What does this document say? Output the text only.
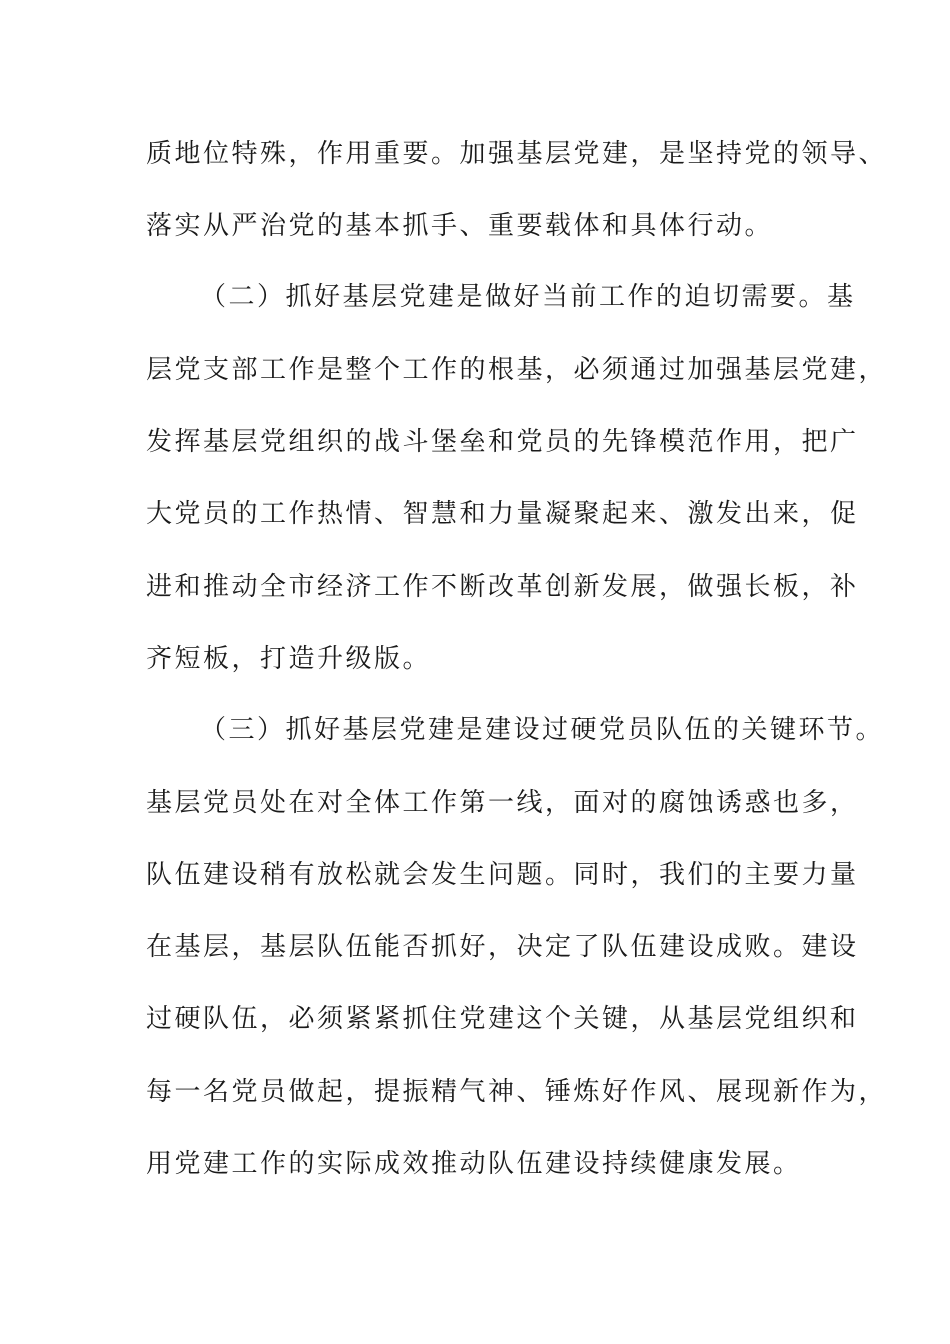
质地位特殊，作用重要。加强基层党建，是坚持党的领导、
落实从严治党的基本抓手、重要载体和具体行动。
（二）抓好基层党建是做好当前工作的迫切需要。基
层党支部工作是整个工作的根基，必须通过加强基层党建，
发挥基层党组织的战斗堡垒和党员的先锋模范作用，把广
大党员的工作热情、智慧和力量凝聚起来、激发出来，促
进和推动全市经济工作不断改革创新发展，做强长板，补
齐短板，打造升级版。
（三）抓好基层党建是建设过硬党员队伍的关键环节。
基层党员处在对全体工作第一线，面对的腐蚀诱惑也多，
队伍建设稍有放松就会发生问题。同时，我们的主要力量
在基层，基层队伍能否抓好，决定了队伍建设成败。建设
过硬队伍，必须紧紧抓住党建这个关键，从基层党组织和
每一名党员做起，提振精气神、锤炼好作风、展现新作为，
用党建工作的实际成效推动队伍建设持续健康发展。
